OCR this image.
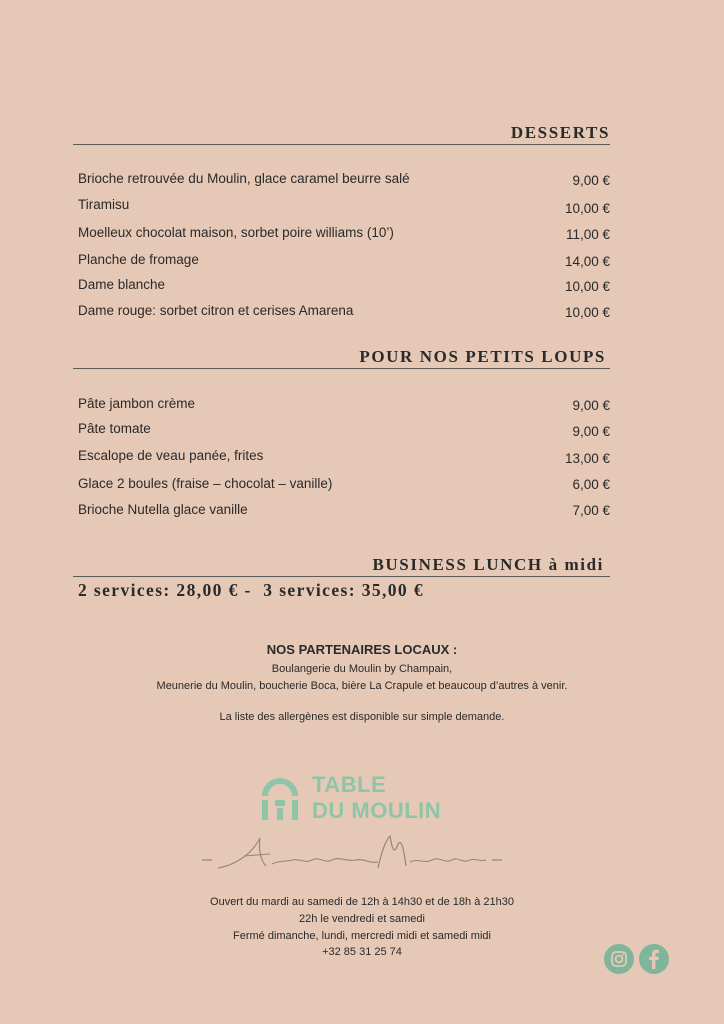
DESSERTS
Brioche retrouvée du Moulin, glace caramel beurre salé	9,00 €
Tiramisu	10,00 €
Moelleux chocolat maison, sorbet poire williams (10’)	11,00 €
Planche de fromage	14,00 €
Dame blanche	10,00 €
Dame rouge: sorbet citron et cerises Amarena	10,00 €
POUR NOS PETITS LOUPS
Pâte jambon crème	9,00 €
Pâte tomate	9,00 €
Escalope de veau panée, frites	13,00 €
Glace 2 boules (fraise – chocolat – vanille)	6,00 €
Brioche Nutella glace vanille	7,00 €
BUSINESS LUNCH à midi
2 services: 28,00 € -  3 services: 35,00 €
NOS PARTENAIRES LOCAUX :
Boulangerie du Moulin by Champain,
Meunerie du Moulin, boucherie Boca, bière La Crapule et beaucoup d’autres à venir.
La liste des allergènes est disponible sur simple demande.
TABLE
DU MOULIN
Ouvert du mardi au samedi de 12h à 14h30 et de 18h à 21h30
22h le vendredi et samedi
Fermé dimanche, lundi, mercredi midi et samedi midi
+32 85 31 25 74
